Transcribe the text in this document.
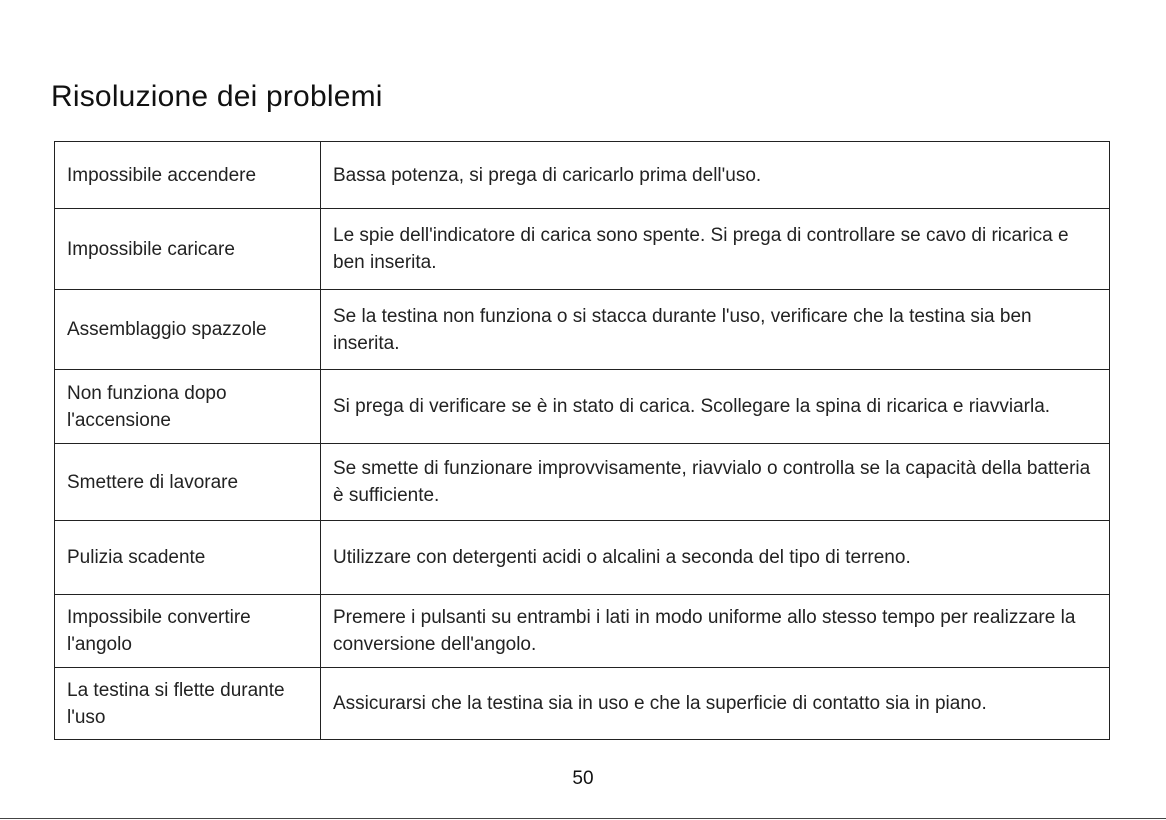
Risoluzione dei problemi
Impossibile accendere	Bassa potenza, si prega di caricarlo prima dell'uso.
Impossibile caricare	Le spie dell'indicatore di carica sono spente. Si prega di controllare se cavo di ricarica e ben inserita.
Assemblaggio spazzole	Se la testina non funziona o si stacca durante l'uso, verificare che la testina sia ben inserita.
Non funziona dopo l'accensione	Si prega di verificare se è in stato di carica. Scollegare la spina di ricarica e riavviarla.
Smettere di lavorare	Se smette di funzionare improvvisamente, riavvialo o controlla se la capacità della batteria è sufficiente.
Pulizia scadente	Utilizzare con detergenti acidi o alcalini a seconda del tipo di terreno.
Impossibile convertire l'angolo	Premere i pulsanti su entrambi i lati in modo uniforme allo stesso tempo per realizzare la conversione dell'angolo.
La testina si flette durante l'uso	Assicurarsi che la testina sia in uso e che la superficie di contatto sia in piano.
50
